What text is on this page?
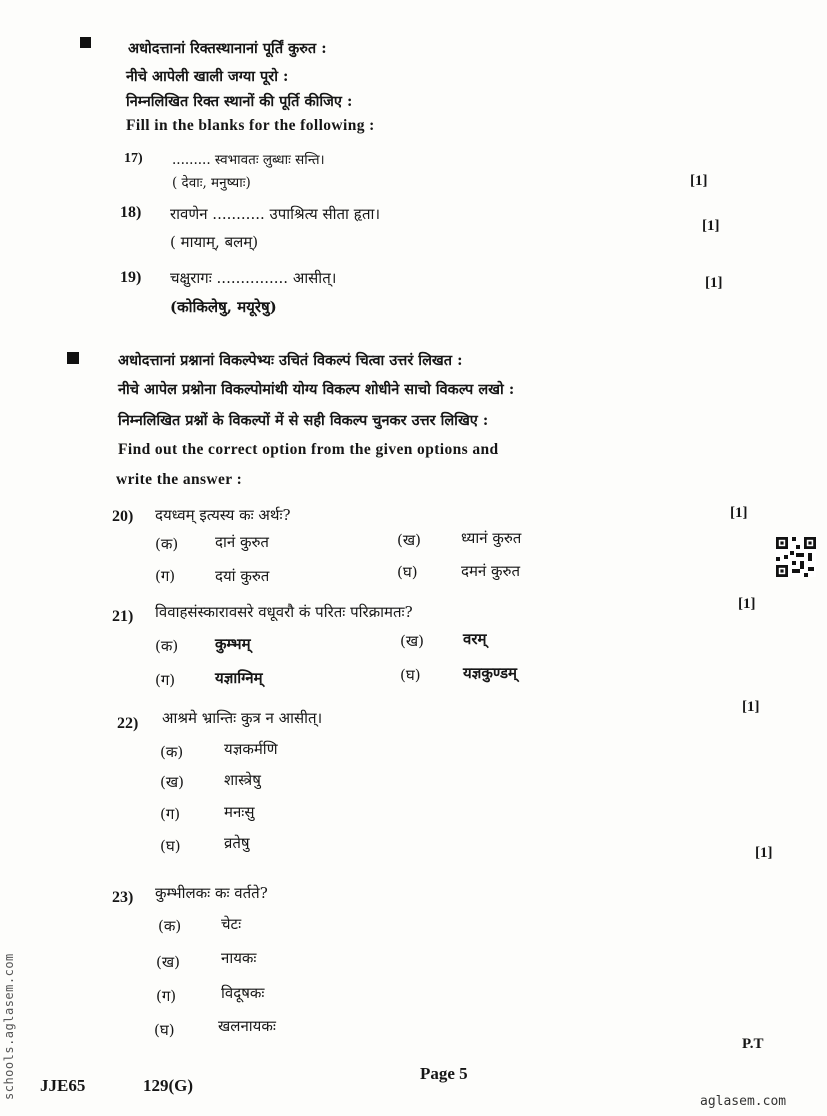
अधोदत्तानां रिक्तस्थानानां पूर्तिं कुरुत :
नीचे आपेली खाली जग्या पूरो :
निम्नलिखित रिक्त स्थानों की पूर्ति कीजिए :
Fill in the blanks for the following :
17) ......... स्वभावतः लुब्धाः सन्ति।
( देवाः, मनुष्याः)	[1]
18) रावणेन ........... उपाश्रित्य सीता हृता।
( मायाम्, बलम्)
[1]
19) चक्षुरागः ............... आसीत्।
(कोकिलेषु, मयूरेषु)
[1]
अधोदत्तानां प्रश्नानां विकल्पेभ्यः उचितं विकल्पं चित्वा उत्तरं लिखत :
नीचे आपेल प्रश्नोना विकल्पोमांथी योग्य विकल्प शोधीने साचो विकल्प लखो :
निम्नलिखित प्रश्नों के विकल्पों में से सही विकल्प चुनकर उत्तर लिखिए :
Find out the correct option from the given options and
write the answer :
20) दयध्वम् इत्यस्य कः अर्थः?	[1]
(क) दानं कुरुत	(ख)	ध्यानं कुरुत
(ग)	दयां कुरुत	(घ)	दमनं कुरुत
21) विवाहसंस्कारावसरे वधूवरौ कं परितः परिक्रामतः?	[1]
(क) कुम्भम्	(ख)	वरम्
(ग)	यज्ञाग्निम्	(घ)	यज्ञकुण्डम्
22) आश्रमे भ्रान्तिः कुत्र न आसीत्।
[1]
(क)	यज्ञकर्मणि
(ख)	शास्त्रेषु
(ग)	मनःसु
(घ)	व्रतेषु
[1]
23) कुम्भीलकः कः वर्तते?
(क)	चेटः
(ख)	नायकः
(ग)	विदूषकः
(घ)	खलनायकः
P.T
JJE65	129(G)
Page 5
aglasem.com
schools.aglasem.com
